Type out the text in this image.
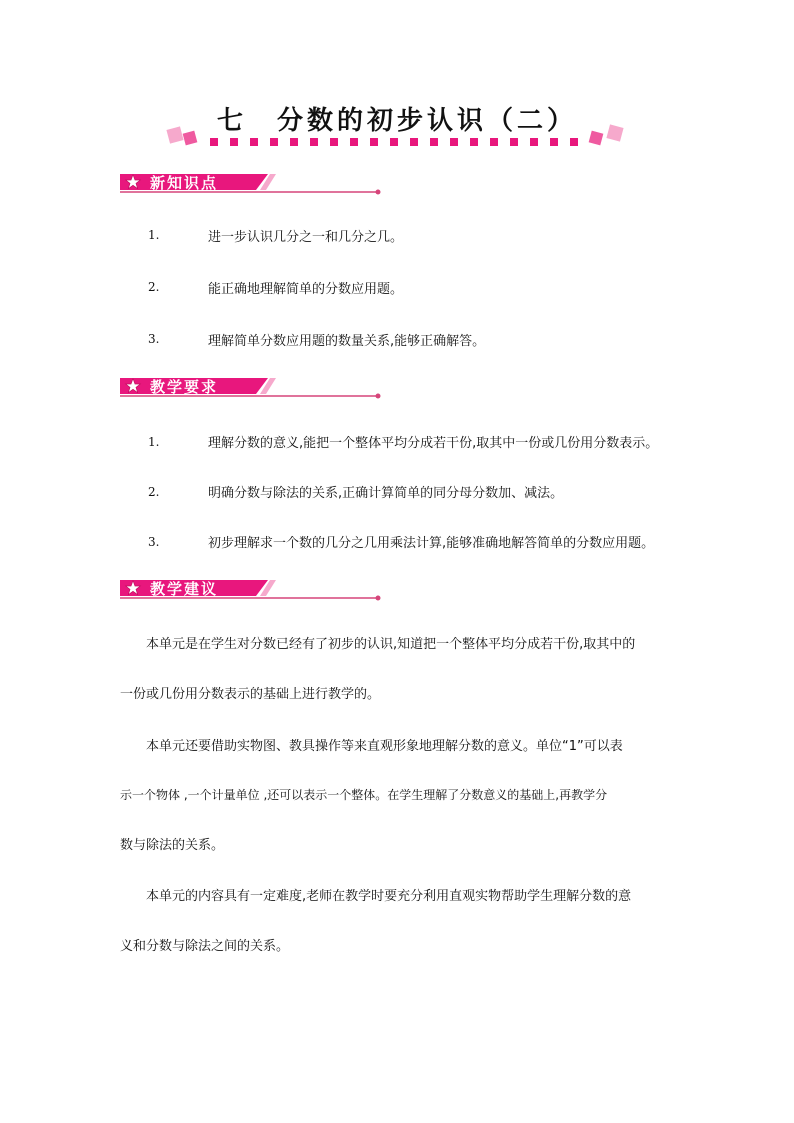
七　分数的初步认识（二）
新知识点
1.	进一步认识几分之一和几分之几。
2.	能正确地理解简单的分数应用题。
3.	理解简单分数应用题的数量关系,能够正确解答。
教学要求
1.	理解分数的意义,能把一个整体平均分成若干份,取其中一份或几份用分数表示。
2.	明确分数与除法的关系,正确计算简单的同分母分数加、减法。
3.	初步理解求一个数的几分之几用乘法计算,能够准确地解答简单的分数应用题。
教学建议
本单元是在学生对分数已经有了初步的认识,知道把一个整体平均分成若干份,取其中的
一份或几份用分数表示的基础上进行教学的。
本单元还要借助实物图、教具操作等来直观形象地理解分数的意义。单位“1”可以表
示一个物体 ,一个计量单位 ,还可以表示一个整体。在学生理解了分数意义的基础上,再教学分
数与除法的关系。
本单元的内容具有一定难度,老师在教学时要充分利用直观实物帮助学生理解分数的意
义和分数与除法之间的关系。
